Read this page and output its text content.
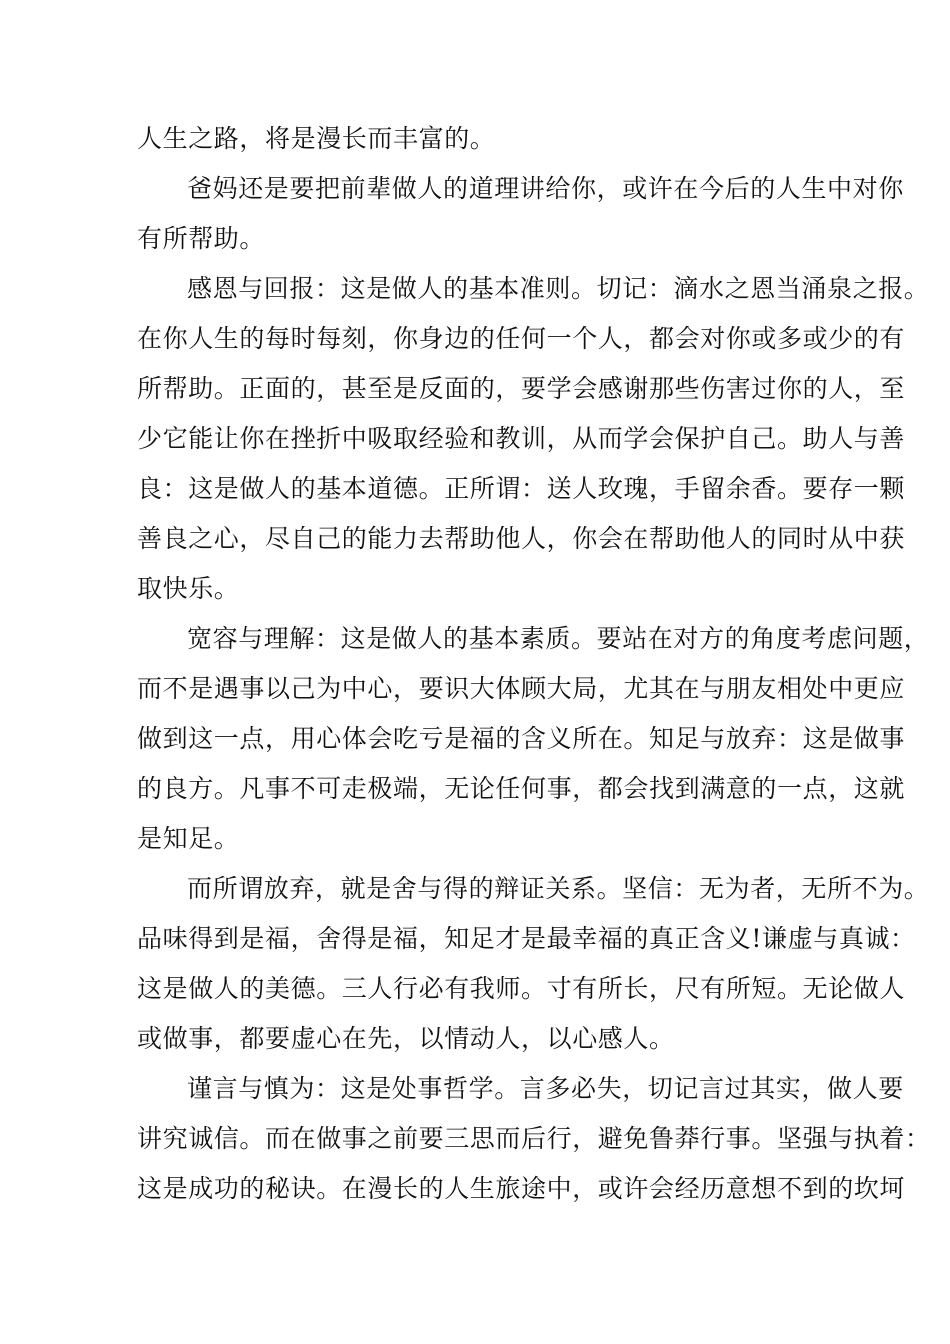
人生之路，将是漫长而丰富的。
爸妈还是要把前辈做人的道理讲给你，或许在今后的人生中对你
有所帮助。
感恩与回报：这是做人的基本准则。切记：滴水之恩当涌泉之报。
在你人生的每时每刻，你身边的任何一个人，都会对你或多或少的有
所帮助。正面的，甚至是反面的，要学会感谢那些伤害过你的人，至
少它能让你在挫折中吸取经验和教训，从而学会保护自己。助人与善
良：这是做人的基本道德。正所谓：送人玫瑰，手留余香。要存一颗
善良之心，尽自己的能力去帮助他人，你会在帮助他人的同时从中获
取快乐。
宽容与理解：这是做人的基本素质。要站在对方的角度考虑问题，
而不是遇事以己为中心，要识大体顾大局，尤其在与朋友相处中更应
做到这一点，用心体会吃亏是福的含义所在。知足与放弃：这是做事
的良方。凡事不可走极端，无论任何事，都会找到满意的一点，这就
是知足。
而所谓放弃，就是舍与得的辩证关系。坚信：无为者，无所不为。
品味得到是福，舍得是福，知足才是最幸福的真正含义!谦虚与真诚：
这是做人的美德。三人行必有我师。寸有所长，尺有所短。无论做人
或做事，都要虚心在先，以情动人，以心感人。
谨言与慎为：这是处事哲学。言多必失，切记言过其实，做人要
讲究诚信。而在做事之前要三思而后行，避免鲁莽行事。坚强与执着：
这是成功的秘诀。在漫长的人生旅途中，或许会经历意想不到的坎坷
